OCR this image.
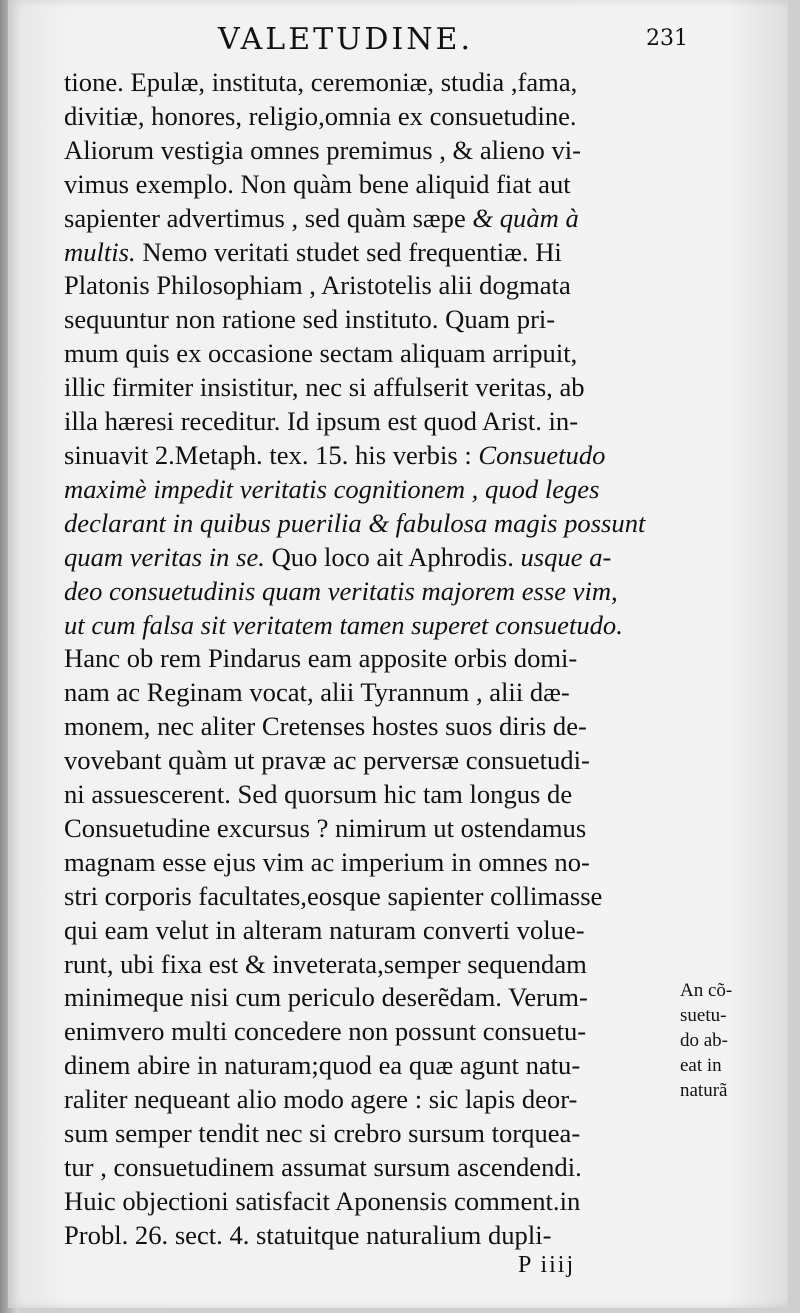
VALETUDINE.	231
tione. Epulæ, instituta, ceremoniæ, studia ,fama,
divitiæ, honores, religio,omnia ex consuetudine.
Aliorum vestigia omnes premimus , & alieno vi-
vimus exemplo. Non quàm bene aliquid fiat aut
sapienter advertimus , sed quàm sæpe & quàm à
multis. Nemo veritati studet sed frequentiæ. Hi
Platonis Philosophiam , Aristotelis alii dogmata
sequuntur non ratione sed instituto. Quam pri-
mum quis ex occasione sectam aliquam arripuit,
illic firmiter insistitur, nec si affulserit veritas, ab
illa hæresi receditur. Id ipsum est quod Arist. in-
sinuavit 2.Metaph. tex. 15. his verbis : Consuetudo
maximè impedit veritatis cognitionem , quod leges
declarant in quibus puerilia & fabulosa magis possunt
quam veritas in se. Quo loco ait Aphrodis. usque a-
deo consuetudinis quam veritatis majorem esse vim,
ut cum falsa sit veritatem tamen superet consuetudo.
Hanc ob rem Pindarus eam apposite orbis domi-
nam ac Reginam vocat, alii Tyrannum , alii dæ-
monem, nec aliter Cretenses hostes suos diris de-
vovebant quàm ut pravæ ac perversæ consuetudi-
ni assuescerent. Sed quorsum hic tam longus de
Consuetudine excursus ? nimirum ut ostendamus
magnam esse ejus vim ac imperium in omnes no-
stri corporis facultates,eosque sapienter collimasse
qui eam velut in alteram naturam converti volue-
runt, ubi fixa est & inveterata,semper sequendam
minimeque nisi cum periculo deserẽdam. Verum-
enimvero multi concedere non possunt consuetu-
dinem abire in naturam;quod ea quæ agunt natu-
raliter nequeant alio modo agere : sic lapis deor-
sum semper tendit nec si crebro sursum torquea-
tur , consuetudinem assumat sursum ascendendi.
Huic objectioni satisfacit Aponensis comment.in
Probl. 26. sect. 4. statuitque naturalium dupli-
An cõ-
suetu-
do ab-
eat in
naturã
P iiij
